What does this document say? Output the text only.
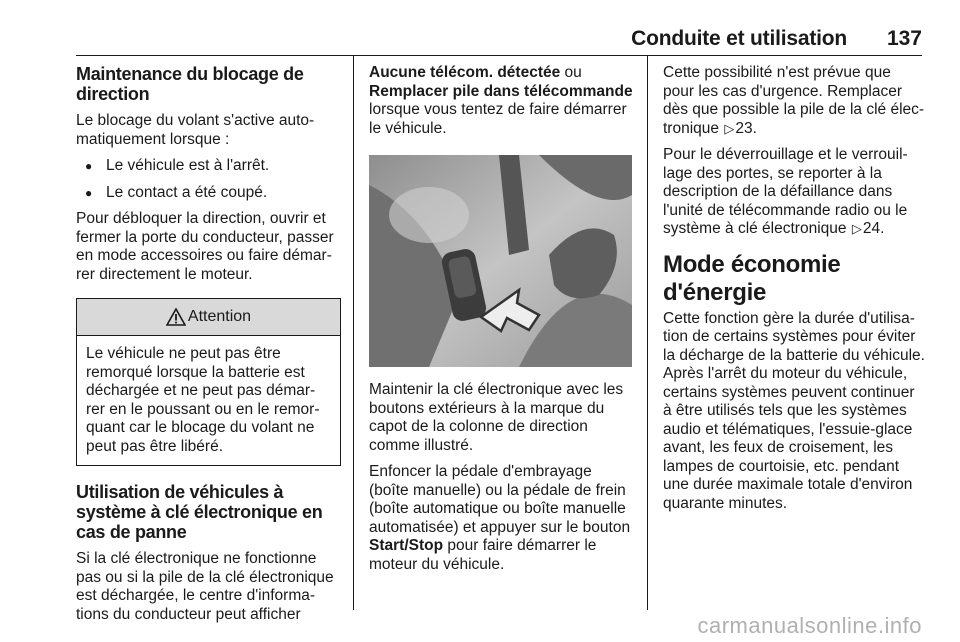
Conduite et utilisation 137
Maintenance du blocage de direction

Le blocage du volant s'active auto-matiquement lorsque :

● Le véhicule est à l'arrêt.
● Le contact a été coupé.

Pour débloquer la direction, ouvrir et fermer la porte du conducteur, passer en mode accessoires ou faire démar-rer directement le moteur.

Attention
Le véhicule ne peut pas être remorqué lorsque la batterie est déchargée et ne peut pas démar-rer en le poussant ou en le remor-quant car le blocage du volant ne peut pas être libéré.
Utilisation de véhicules à système à clé électronique en cas de panne

Si la clé électronique ne fonctionne pas ou si la pile de la clé électronique est déchargée, le centre d'informa-tions du conducteur peut afficher

Aucune télécom. détectée ou
Remplacer pile dans télécommande
lorsque vous tentez de faire démarrer le véhicule.

Maintenir la clé électronique avec les boutons extérieurs à la marque du capot de la colonne de direction comme illustré.

Enfoncer la pédale d'embrayage (boîte manuelle) ou la pédale de frein (boîte automatique ou boîte manuelle automatisée) et appuyer sur le bouton Start/Stop pour faire démarrer le moteur du véhicule.

Cette possibilité n'est prévue que pour les cas d'urgence. Remplacer dès que possible la pile de la clé élec-tronique ▷23.

Pour le déverrouillage et le verrouil-lage des portes, se reporter à la description de la défaillance dans l'unité de télécommande radio ou le système à clé électronique ▷24.

Mode économie d'énergie

Cette fonction gère la durée d'utilisa-tion de certains systèmes pour éviter la décharge de la batterie du véhicule. Après l'arrêt du moteur du véhicule, certains systèmes peuvent continuer à être utilisés tels que les systèmes audio et télématiques, l'essuie-glace avant, les feux de croisement, les lampes de courtoisie, etc. pendant une durée maximale totale d'environ quarante minutes.

carmanualsonline.info
